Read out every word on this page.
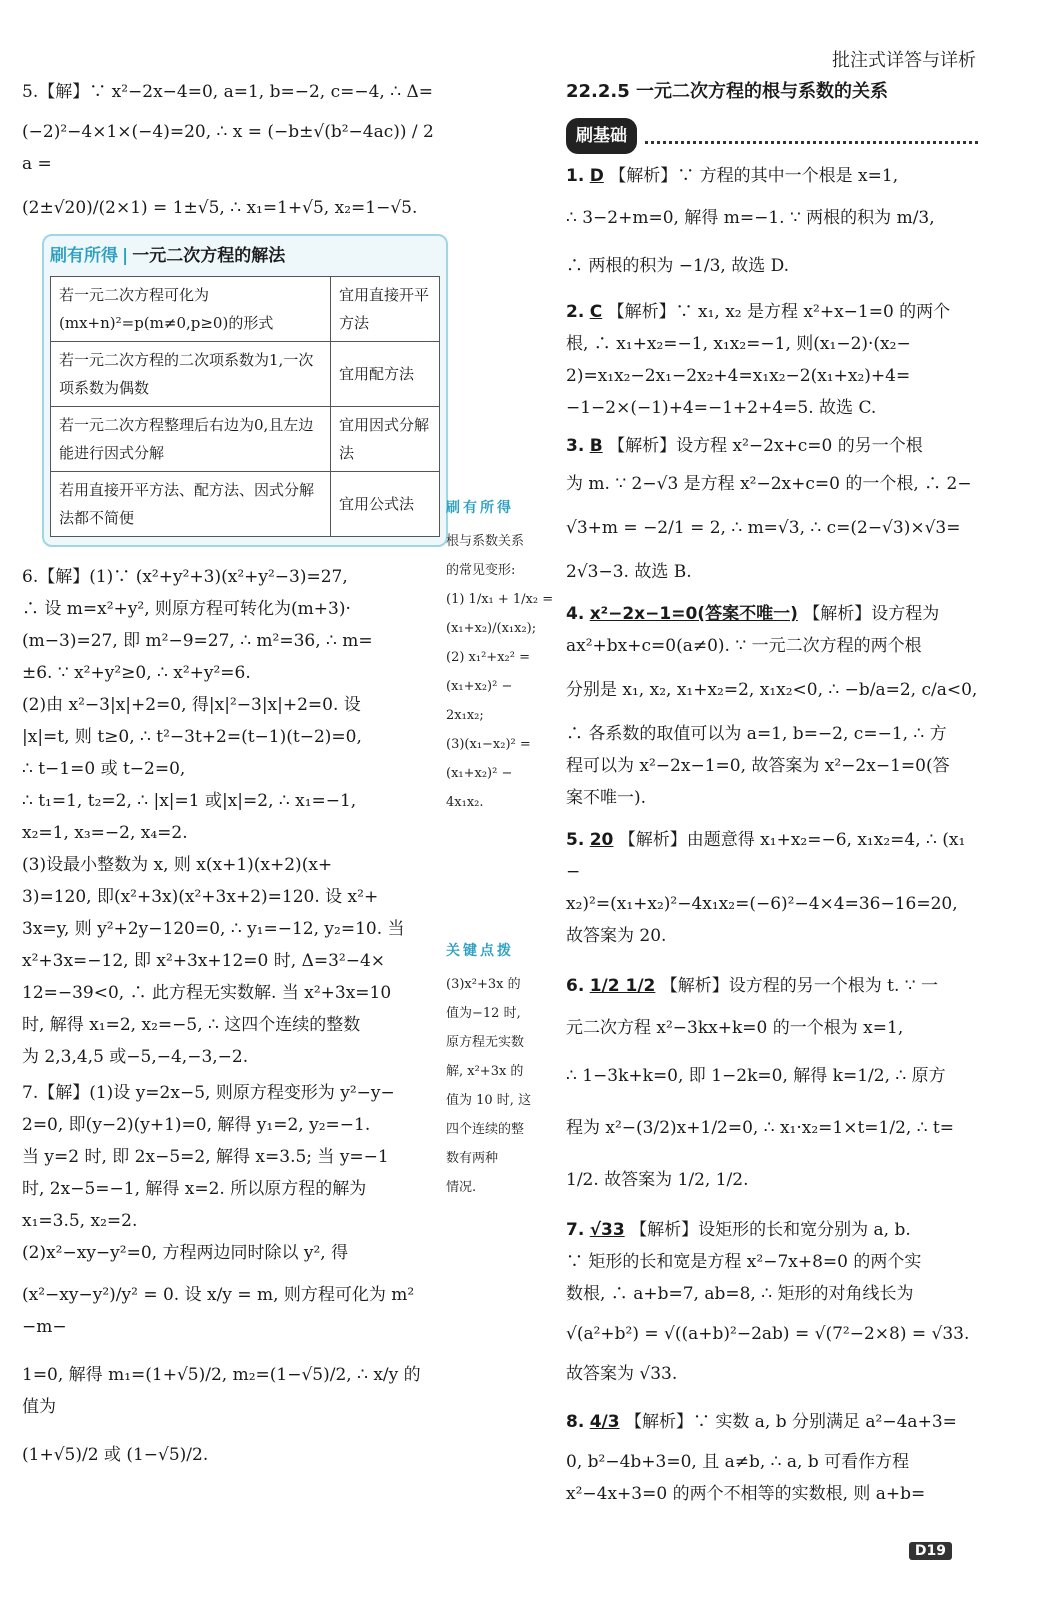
批注式详答与详析

5.【解】∵ x²−2x−4=0, a=1, b=−2, c=−4, ∴ Δ=

(−2)²−4×1×(−4)=20, ∴ x = (−b±√(b²−4ac)) / 2a =

(2±√20)/(2×1) = 1±√5, ∴ x₁=1+√5, x₂=1−√5.

刷有所得 | 一元二次方程的解法
若一元二次方程可化为(mx+n)²=p(m≠0,p≥0)的形式	宜用直接开平方法
若一元二次方程的二次项系数为1,一次项系数为偶数	宜用配方法
若一元二次方程整理后右边为0,且左边能进行因式分解	宜用因式分解法
若用直接开平方法、配方法、因式分解法都不简便	宜用公式法

6.【解】(1)∵ (x²+y²+3)(x²+y²−3)=27,

∴ 设 m=x²+y², 则原方程可转化为(m+3)·

(m−3)=27, 即 m²−9=27, ∴ m²=36, ∴ m=

±6. ∵ x²+y²≥0, ∴ x²+y²=6.

(2)由 x²−3|x|+2=0, 得|x|²−3|x|+2=0. 设

|x|=t, 则 t≥0, ∴ t²−3t+2=(t−1)(t−2)=0,

∴ t−1=0 或 t−2=0,

∴ t₁=1, t₂=2, ∴ |x|=1 或|x|=2, ∴ x₁=−1,

x₂=1, x₃=−2, x₄=2.

(3)设最小整数为 x, 则 x(x+1)(x+2)(x+

3)=120, 即(x²+3x)(x²+3x+2)=120. 设 x²+

3x=y, 则 y²+2y−120=0, ∴ y₁=−12, y₂=10. 当

x²+3x=−12, 即 x²+3x+12=0 时, Δ=3²−4×

12=−39<0, ∴ 此方程无实数解. 当 x²+3x=10

时, 解得 x₁=2, x₂=−5, ∴ 这四个连续的整数

为 2,3,4,5 或−5,−4,−3,−2.

7.【解】(1)设 y=2x−5, 则原方程变形为 y²−y−

2=0, 即(y−2)(y+1)=0, 解得 y₁=2, y₂=−1.

当 y=2 时, 即 2x−5=2, 解得 x=3.5; 当 y=−1

时, 2x−5=−1, 解得 x=2. 所以原方程的解为

x₁=3.5, x₂=2.

(2)x²−xy−y²=0, 方程两边同时除以 y², 得

(x²−xy−y²)/y² = 0. 设 x/y = m, 则方程可化为 m²−m−

1=0, 解得 m₁=(1+√5)/2, m₂=(1−√5)/2, ∴ x/y 的值为

(1+√5)/2 或 (1−√5)/2.

刷有所得
根与系数关系
的常见变形:
(1) 1/x₁ + 1/x₂ =
(x₁+x₂)/(x₁x₂);
(2) x₁²+x₂² =
(x₁+x₂)² −
2x₁x₂;
(3)(x₁−x₂)² =
(x₁+x₂)² −
4x₁x₂.
关键点拨
(3)x²+3x 的
值为−12 时,
原方程无实数
解, x²+3x 的
值为 10 时, 这
四个连续的整
数有两种
情况.
22.2.5 一元二次方程的根与系数的关系
刷基础

1. D 【解析】∵ 方程的其中一个根是 x=1,

∴ 3−2+m=0, 解得 m=−1. ∵ 两根的积为 m/3,

∴ 两根的积为 −1/3, 故选 D.

2. C 【解析】∵ x₁, x₂ 是方程 x²+x−1=0 的两个

根, ∴ x₁+x₂=−1, x₁x₂=−1, 则(x₁−2)·(x₂−

2)=x₁x₂−2x₁−2x₂+4=x₁x₂−2(x₁+x₂)+4=

−1−2×(−1)+4=−1+2+4=5. 故选 C.

3. B 【解析】设方程 x²−2x+c=0 的另一个根

为 m. ∵ 2−√3 是方程 x²−2x+c=0 的一个根, ∴ 2−

√3+m = −2/1 = 2, ∴ m=√3, ∴ c=(2−√3)×√3=

2√3−3. 故选 B.

4. x²−2x−1=0(答案不唯一) 【解析】设方程为

ax²+bx+c=0(a≠0). ∵ 一元二次方程的两个根

分别是 x₁, x₂, x₁+x₂=2, x₁x₂<0, ∴ −b/a=2, c/a<0,

∴ 各系数的取值可以为 a=1, b=−2, c=−1, ∴ 方

程可以为 x²−2x−1=0, 故答案为 x²−2x−1=0(答

案不唯一).

5. 20 【解析】由题意得 x₁+x₂=−6, x₁x₂=4, ∴ (x₁−

x₂)²=(x₁+x₂)²−4x₁x₂=(−6)²−4×4=36−16=20,

故答案为 20.

6. 1/2 1/2 【解析】设方程的另一个根为 t. ∵ 一

元二次方程 x²−3kx+k=0 的一个根为 x=1,

∴ 1−3k+k=0, 即 1−2k=0, 解得 k=1/2, ∴ 原方

程为 x²−(3/2)x+1/2=0, ∴ x₁·x₂=1×t=1/2, ∴ t=

1/2. 故答案为 1/2, 1/2.

7. √33 【解析】设矩形的长和宽分别为 a, b.

∵ 矩形的长和宽是方程 x²−7x+8=0 的两个实

数根, ∴ a+b=7, ab=8, ∴ 矩形的对角线长为

√(a²+b²) = √((a+b)²−2ab) = √(7²−2×8) = √33.

故答案为 √33.

8. 4/3 【解析】∵ 实数 a, b 分别满足 a²−4a+3=

0, b²−4b+3=0, 且 a≠b, ∴ a, b 可看作方程

x²−4x+3=0 的两个不相等的实数根, 则 a+b=

D19
